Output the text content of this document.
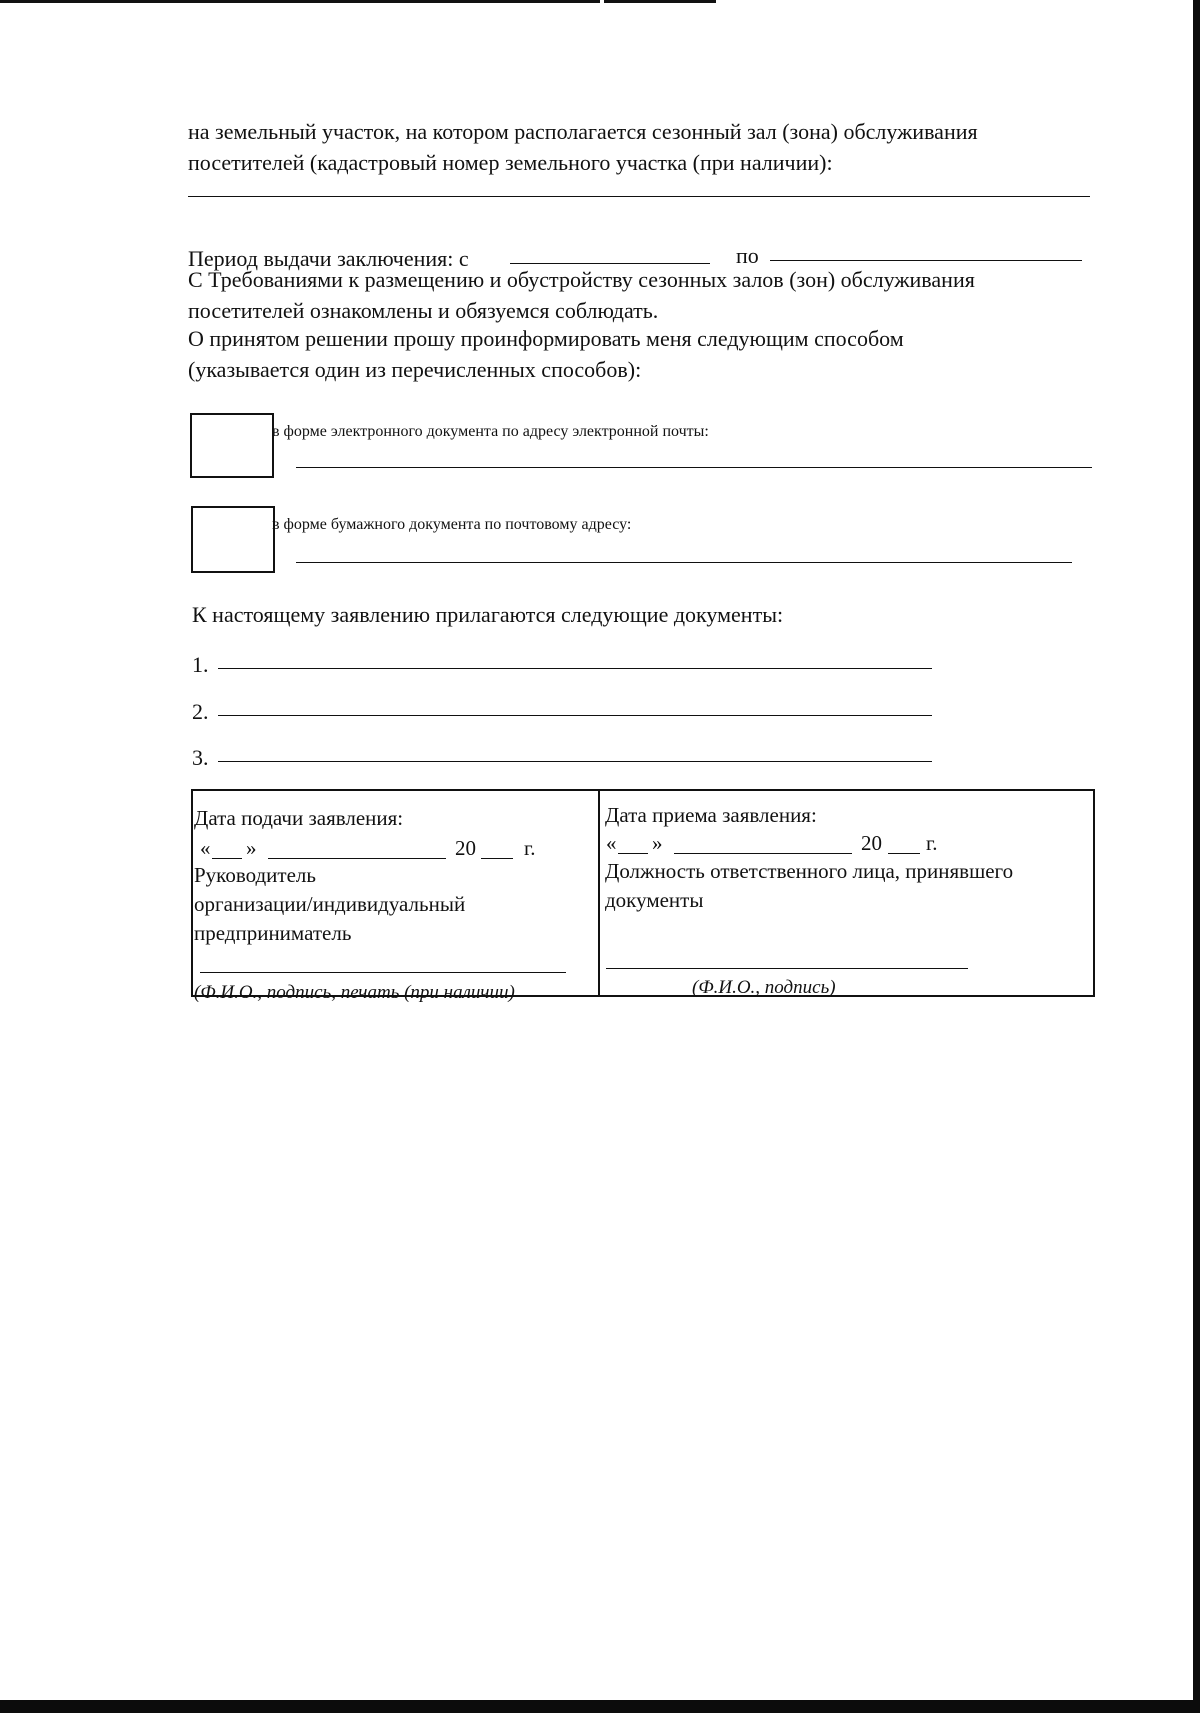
на земельный участок, на котором располагается сезонный зал (зона) обслуживания
посетителей (кадастровый номер земельного участка (при наличии):
Период выдачи заключения: с	по
С Требованиями к размещению и обустройству сезонных залов (зон) обслуживания
посетителей ознакомлены и обязуемся соблюдать.
О принятом решении прошу проинформировать меня следующим способом
(указывается один из перечисленных способов):
в форме электронного документа по адресу электронной почты:
в форме бумажного документа по почтовому адресу:
К настоящему заявлению прилагаются следующие документы:
1.
2.
3.
Дата подачи заявления:
« »	20 г.
Руководитель
организации/индивидуальный
предприниматель
(Ф.И.О., подпись, печать (при наличии)
Дата приема заявления:
« »	20 г.
Должность ответственного лица, принявшего
документы
(Ф.И.О., подпись)
